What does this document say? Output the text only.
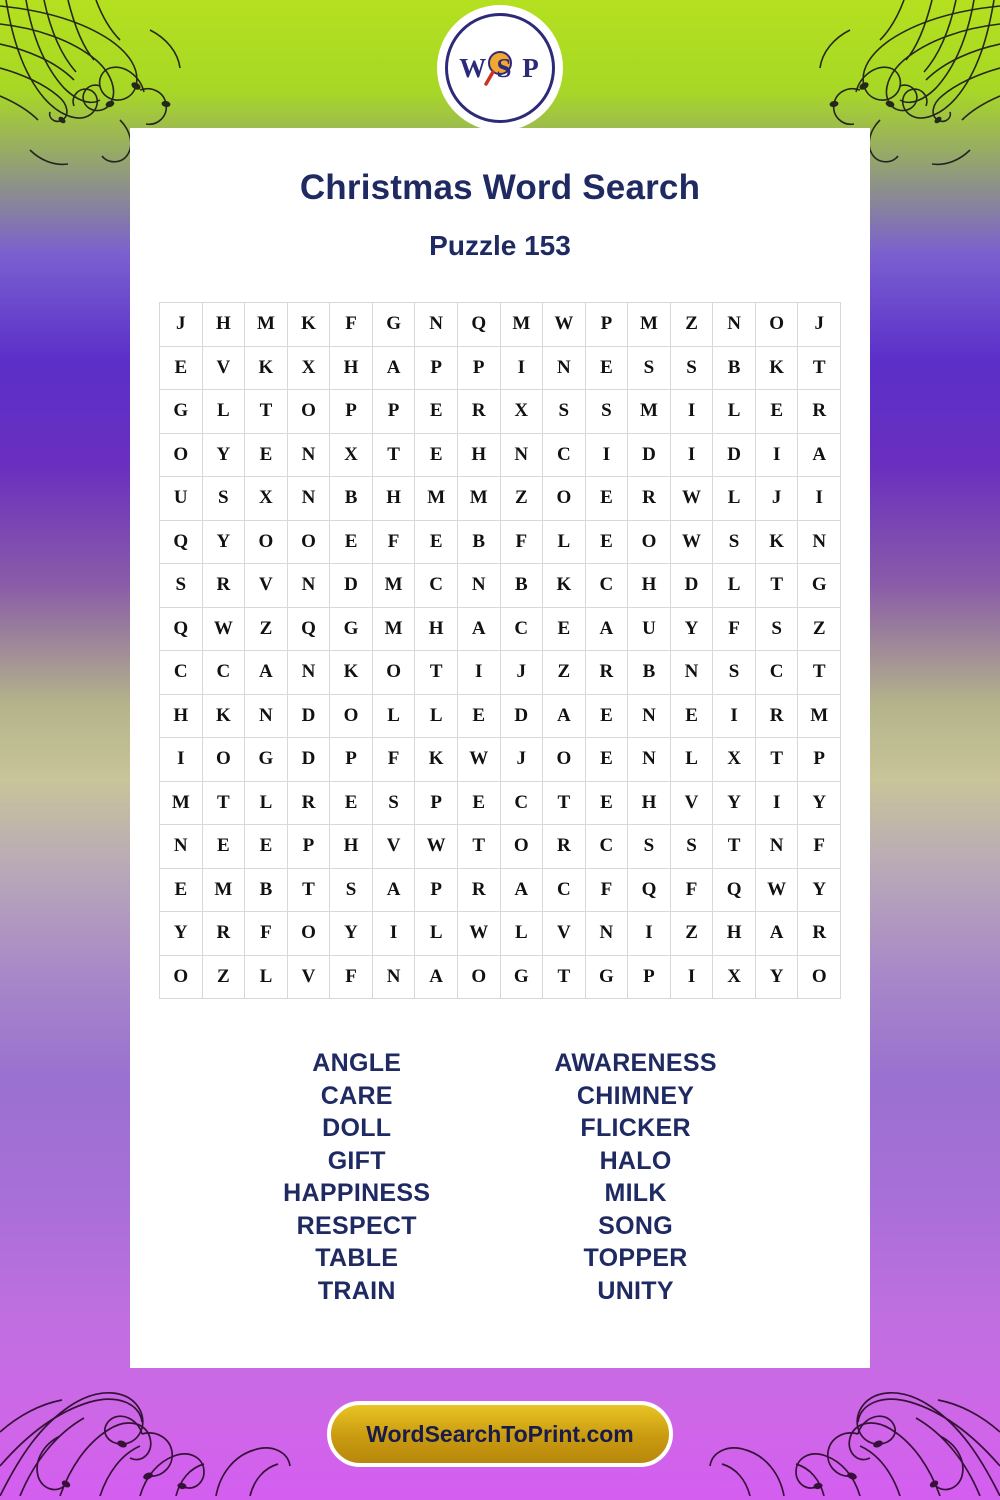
W S P
Christmas Word Search
Puzzle 153
J	H	M	K	F	G	N	Q	M	W	P	M	Z	N	O	J
E	V	K	X	H	A	P	P	I	N	E	S	S	B	K	T
G	L	T	O	P	P	E	R	X	S	S	M	I	L	E	R
O	Y	E	N	X	T	E	H	N	C	I	D	I	D	I	A
U	S	X	N	B	H	M	M	Z	O	E	R	W	L	J	I
Q	Y	O	O	E	F	E	B	F	L	E	O	W	S	K	N
S	R	V	N	D	M	C	N	B	K	C	H	D	L	T	G
Q	W	Z	Q	G	M	H	A	C	E	A	U	Y	F	S	Z
C	C	A	N	K	O	T	I	J	Z	R	B	N	S	C	T
H	K	N	D	O	L	L	E	D	A	E	N	E	I	R	M
I	O	G	D	P	F	K	W	J	O	E	N	L	X	T	P
M	T	L	R	E	S	P	E	C	T	E	H	V	Y	I	Y
N	E	E	P	H	V	W	T	O	R	C	S	S	T	N	F
E	M	B	T	S	A	P	R	A	C	F	Q	F	Q	W	Y
Y	R	F	O	Y	I	L	W	L	V	N	I	Z	H	A	R
O	Z	L	V	F	N	A	O	G	T	G	P	I	X	Y	O
ANGLE
CARE
DOLL
GIFT
HAPPINESS
RESPECT
TABLE
TRAIN
AWARENESS
CHIMNEY
FLICKER
HALO
MILK
SONG
TOPPER
UNITY
WordSearchToPrint.com
